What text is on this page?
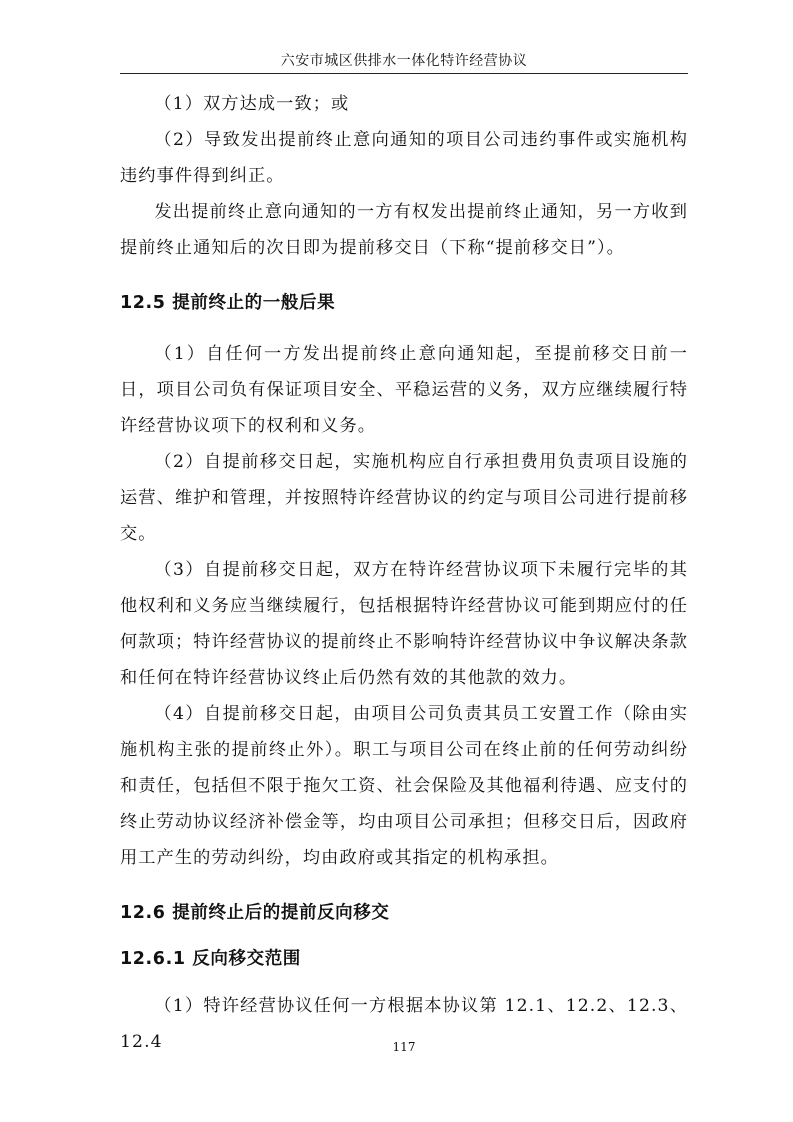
六安市城区供排水一体化特许经营协议

（1）双方达成一致；或

（2）导致发出提前终止意向通知的项目公司违约事件或实施机构违约事件得到纠正。

发出提前终止意向通知的一方有权发出提前终止通知，另一方收到提前终止通知后的次日即为提前移交日（下称“提前移交日”）。

12.5 提前终止的一般后果

（1）自任何一方发出提前终止意向通知起，至提前移交日前一日，项目公司负有保证项目安全、平稳运营的义务，双方应继续履行特许经营协议项下的权利和义务。

（2）自提前移交日起，实施机构应自行承担费用负责项目设施的运营、维护和管理，并按照特许经营协议的约定与项目公司进行提前移交。

（3）自提前移交日起，双方在特许经营协议项下未履行完毕的其他权利和义务应当继续履行，包括根据特许经营协议可能到期应付的任何款项；特许经营协议的提前终止不影响特许经营协议中争议解决条款和任何在特许经营协议终止后仍然有效的其他款的效力。

（4）自提前移交日起，由项目公司负责其员工安置工作（除由实施机构主张的提前终止外）。职工与项目公司在终止前的任何劳动纠纷和责任，包括但不限于拖欠工资、社会保险及其他福利待遇、应支付的终止劳动协议经济补偿金等，均由项目公司承担；但移交日后，因政府用工产生的劳动纠纷，均由政府或其指定的机构承担。

12.6 提前终止后的提前反向移交
12.6.1 反向移交范围

（1）特许经营协议任何一方根据本协议第 12.1、12.2、12.3、12.4	117
